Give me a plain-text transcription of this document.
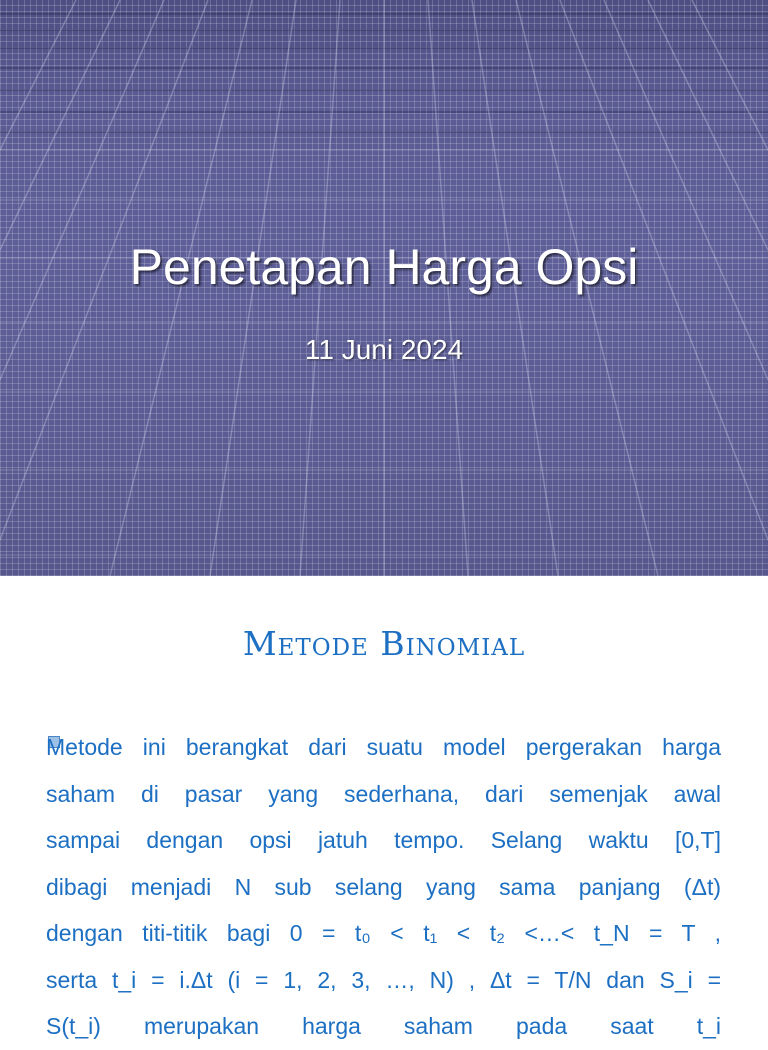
Penetapan Harga Opsi
11 Juni 2024
Metode Binomial
Metode ini berangkat dari suatu model pergerakan harga
saham di pasar yang sederhana, dari semenjak awal
sampai dengan opsi jatuh tempo. Selang waktu [0,T]
dibagi menjadi N sub selang yang sama panjang (Δt)
dengan titi-titik bagi 0 = t₀ < t₁ < t₂ <…< t_N = T ,
serta t_i = i.Δt (i = 1, 2, 3, …, N) , Δt = T/N dan S_i =
S(t_i) merupakan harga saham pada saat t_i
